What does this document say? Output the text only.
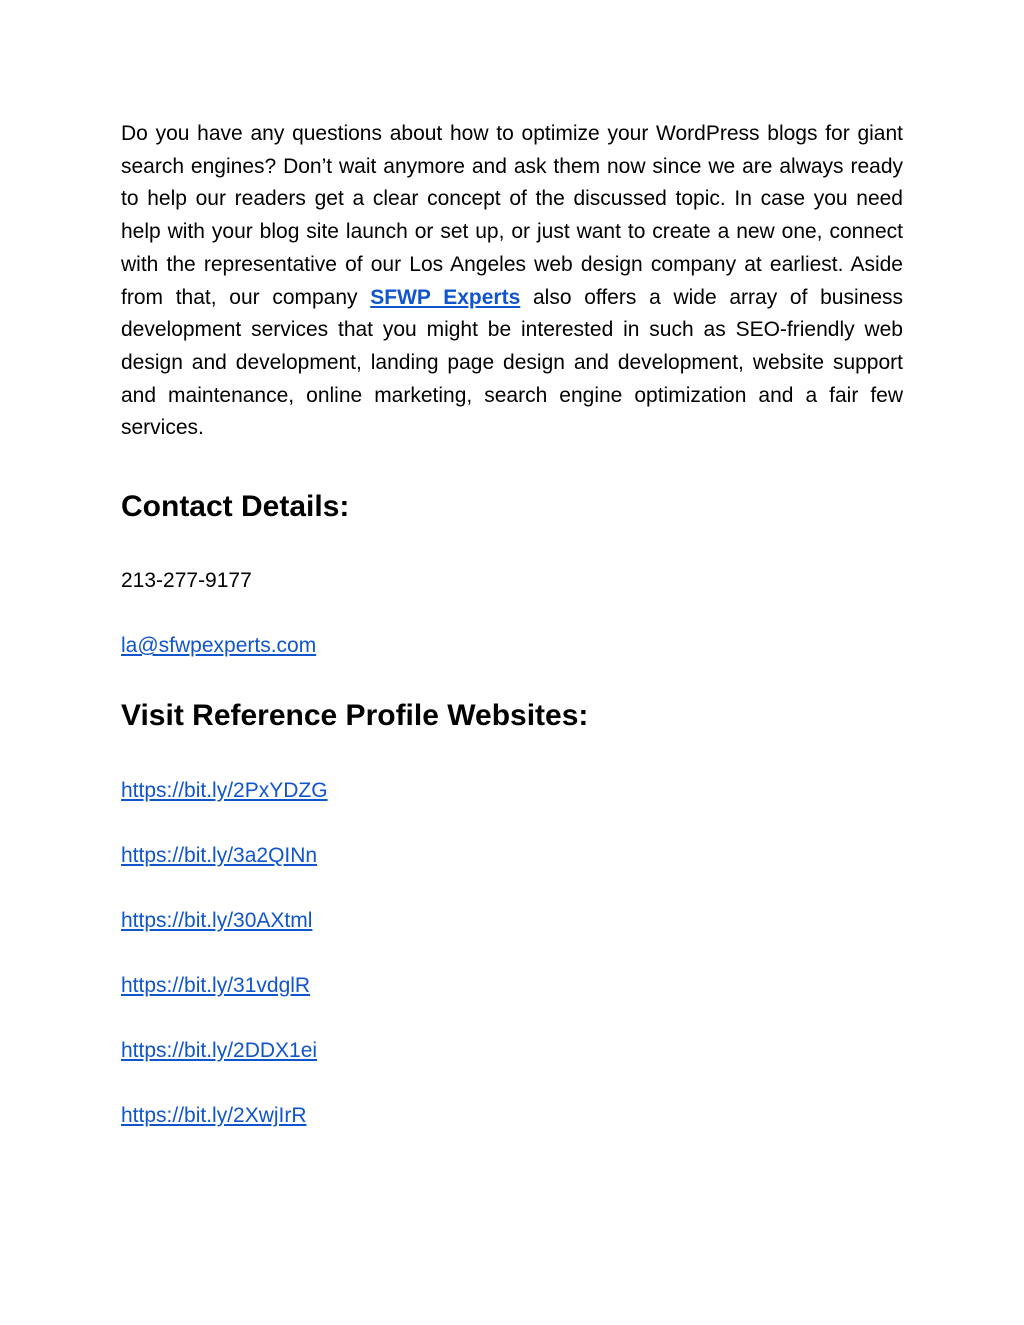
Do you have any questions about how to optimize your WordPress blogs for giant search engines? Don’t wait anymore and ask them now since we are always ready to help our readers get a clear concept of the discussed topic. In case you need help with your blog site launch or set up, or just want to create a new one, connect with the representative of our Los Angeles web design company at earliest. Aside from that, our company SFWP Experts also offers a wide array of business development services that you might be interested in such as SEO-friendly web design and development, landing page design and development, website support and maintenance, online marketing, search engine optimization and a fair few services.

Contact Details:

213-277-9177

la@sfwpexperts.com

Visit Reference Profile Websites:

https://bit.ly/2PxYDZG

https://bit.ly/3a2QINn

https://bit.ly/30AXtml

https://bit.ly/31vdglR

https://bit.ly/2DDX1ei

https://bit.ly/2XwjIrR
